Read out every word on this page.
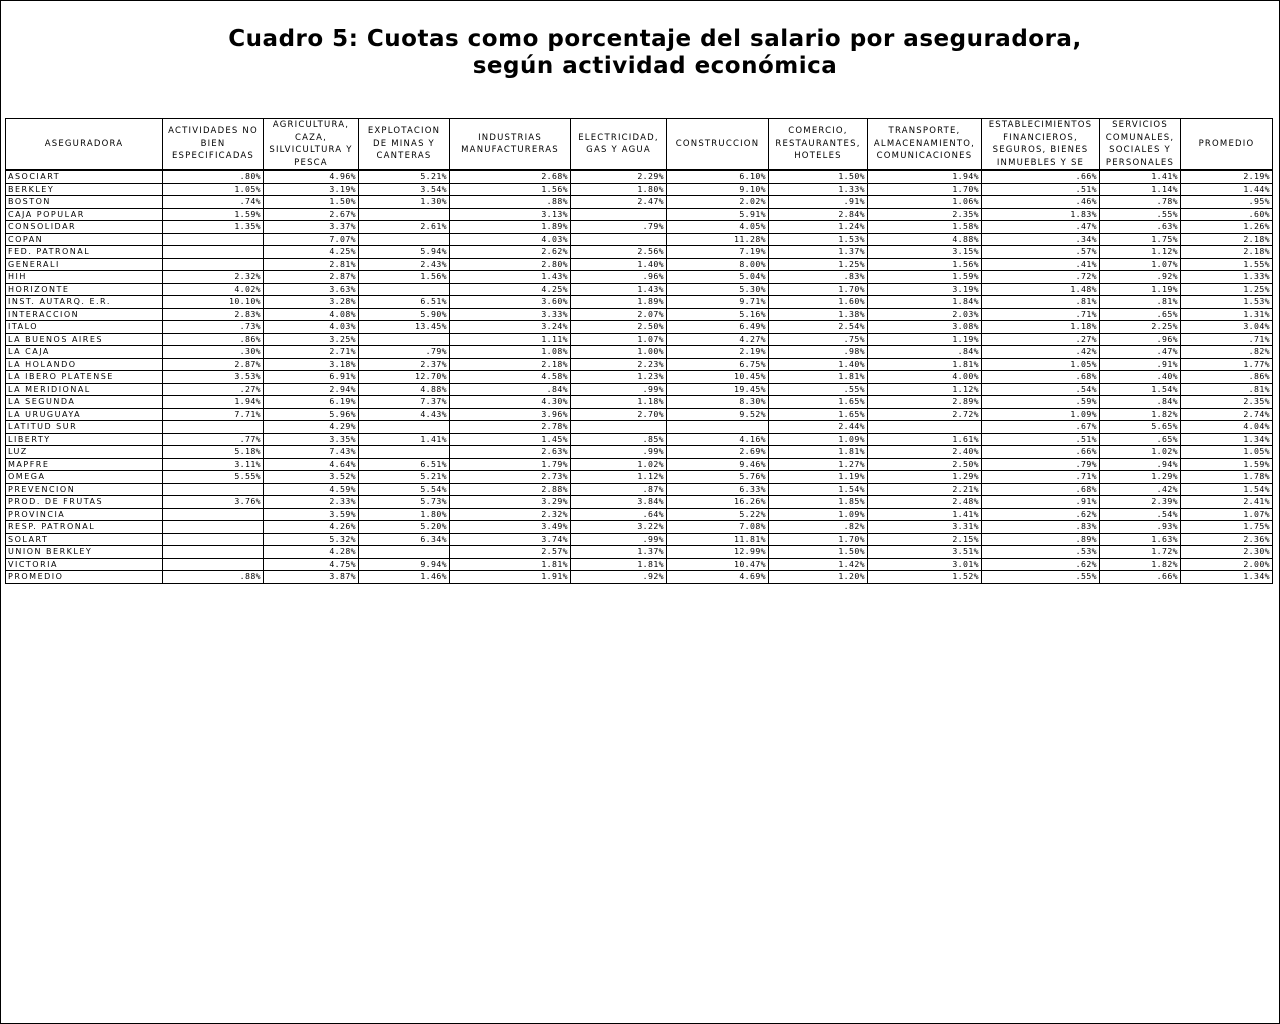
Cuadro 5: Cuotas como porcentaje del salario por aseguradora,
según actividad económica
ASEGURADORA	ACTIVIDADES NO BIEN ESPECIFICADAS	AGRICULTURA, CAZA, SILVICULTURA Y PESCA	EXPLOTACION DE MINAS Y CANTERAS	INDUSTRIAS MANUFACTURERAS	ELECTRICIDAD, GAS Y AGUA	CONSTRUCCION	COMERCIO, RESTAURANTES, HOTELES	TRANSPORTE, ALMACENAMIENTO, COMUNICACIONES	ESTABLECIMIENTOS FINANCIEROS, SEGUROS, BIENES INMUEBLES Y SE	SERVICIOS COMUNALES, SOCIALES Y PERSONALES	PROMEDIO
ASOCIART	.80%	4.96%	5.21%	2.68%	2.29%	6.10%	1.50%	1.94%	.66%	1.41%	2.19%
BERKLEY	1.05%	3.19%	3.54%	1.56%	1.80%	9.10%	1.33%	1.70%	.51%	1.14%	1.44%
BOSTON	.74%	1.50%	1.30%	.88%	2.47%	2.02%	.91%	1.06%	.46%	.78%	.95%
CAJA POPULAR	1.59%	2.67%		3.13%		5.91%	2.84%	2.35%	1.83%	.55%	.60%
CONSOLIDAR	1.35%	3.37%	2.61%	1.89%	.79%	4.05%	1.24%	1.58%	.47%	.63%	1.26%
COPAN		7.07%		4.03%		11.28%	1.53%	4.88%	.34%	1.75%	2.18%
FED. PATRONAL		4.25%	5.94%	2.62%	2.56%	7.19%	1.37%	3.15%	.57%	1.12%	2.18%
GENERALI		2.81%	2.43%	2.80%	1.40%	8.00%	1.25%	1.56%	.41%	1.07%	1.55%
HIH	2.32%	2.87%	1.56%	1.43%	.96%	5.04%	.83%	1.59%	.72%	.92%	1.33%
HORIZONTE	4.02%	3.63%		4.25%	1.43%	5.30%	1.70%	3.19%	1.48%	1.19%	1.25%
INST. AUTARQ. E.R.	10.10%	3.28%	6.51%	3.60%	1.89%	9.71%	1.60%	1.84%	.81%	.81%	1.53%
INTERACCION	2.83%	4.08%	5.90%	3.33%	2.07%	5.16%	1.38%	2.03%	.71%	.65%	1.31%
ITALO	.73%	4.03%	13.45%	3.24%	2.50%	6.49%	2.54%	3.08%	1.18%	2.25%	3.04%
LA BUENOS AIRES	.86%	3.25%		1.11%	1.07%	4.27%	.75%	1.19%	.27%	.96%	.71%
LA CAJA	.30%	2.71%	.79%	1.08%	1.00%	2.19%	.98%	.84%	.42%	.47%	.82%
LA HOLANDO	2.87%	3.18%	2.37%	2.18%	2.23%	6.75%	1.40%	1.81%	1.05%	.91%	1.77%
LA IBERO PLATENSE	3.53%	6.91%	12.70%	4.58%	1.23%	10.45%	1.81%	4.00%	.68%	.40%	.86%
LA MERIDIONAL	.27%	2.94%	4.88%	.84%	.99%	19.45%	.55%	1.12%	.54%	1.54%	.81%
LA SEGUNDA	1.94%	6.19%	7.37%	4.30%	1.18%	8.30%	1.65%	2.89%	.59%	.84%	2.35%
LA URUGUAYA	7.71%	5.96%	4.43%	3.96%	2.70%	9.52%	1.65%	2.72%	1.09%	1.82%	2.74%
LATITUD SUR		4.29%		2.78%			2.44%		.67%	5.65%	4.04%
LIBERTY	.77%	3.35%	1.41%	1.45%	.85%	4.16%	1.09%	1.61%	.51%	.65%	1.34%
LUZ	5.18%	7.43%		2.63%	.99%	2.69%	1.81%	2.40%	.66%	1.02%	1.05%
MAPFRE	3.11%	4.64%	6.51%	1.79%	1.02%	9.46%	1.27%	2.50%	.79%	.94%	1.59%
OMEGA	5.55%	3.52%	5.21%	2.73%	1.12%	5.76%	1.19%	1.29%	.71%	1.29%	1.78%
PREVENCION		4.59%	5.54%	2.88%	.87%	6.33%	1.54%	2.21%	.68%	.42%	1.54%
PROD. DE FRUTAS	3.76%	2.33%	5.73%	3.29%	3.84%	16.26%	1.85%	2.48%	.91%	2.39%	2.41%
PROVINCIA		3.59%	1.80%	2.32%	.64%	5.22%	1.09%	1.41%	.62%	.54%	1.07%
RESP. PATRONAL		4.26%	5.20%	3.49%	3.22%	7.08%	.82%	3.31%	.83%	.93%	1.75%
SOLART		5.32%	6.34%	3.74%	.99%	11.81%	1.70%	2.15%	.89%	1.63%	2.36%
UNION BERKLEY		4.28%		2.57%	1.37%	12.99%	1.50%	3.51%	.53%	1.72%	2.30%
VICTORIA		4.75%	9.94%	1.81%	1.81%	10.47%	1.42%	3.01%	.62%	1.82%	2.00%
PROMEDIO	.88%	3.87%	1.46%	1.91%	.92%	4.69%	1.20%	1.52%	.55%	.66%	1.34%
